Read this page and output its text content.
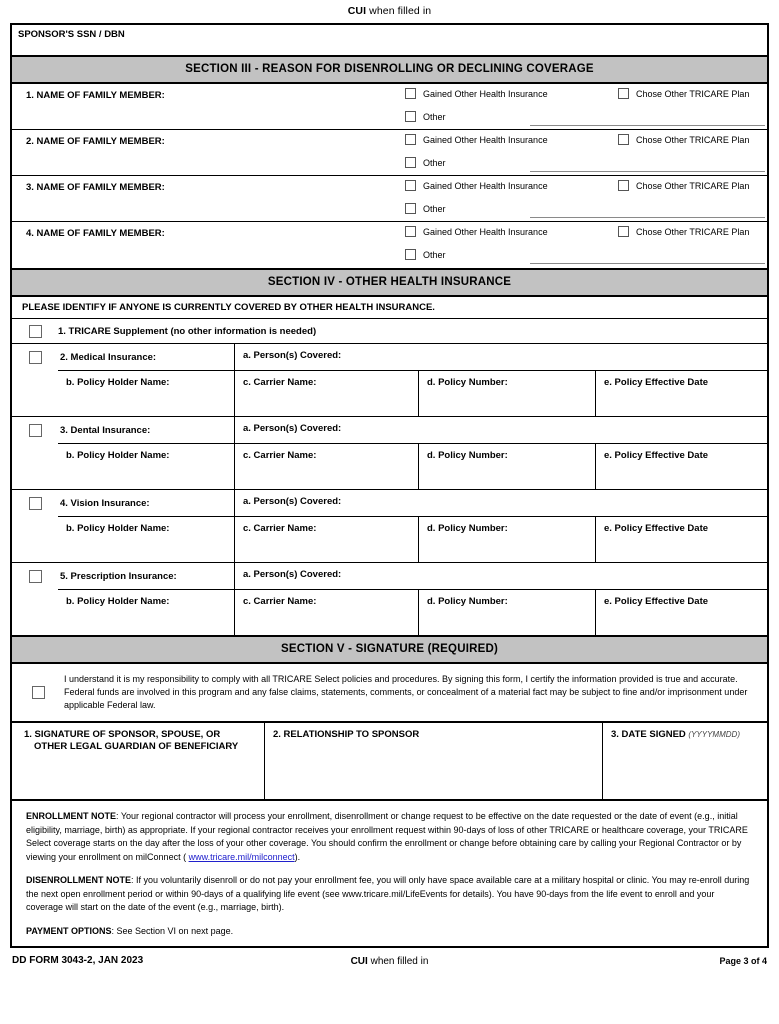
CUI when filled in
SPONSOR'S SSN / DBN
SECTION III - REASON FOR DISENROLLING OR DECLINING COVERAGE
1. NAME OF FAMILY MEMBER:	Gained Other Health Insurance	Chose Other TRICARE Plan
Other
2. NAME OF FAMILY MEMBER:	Gained Other Health Insurance	Chose Other TRICARE Plan
Other
3. NAME OF FAMILY MEMBER:	Gained Other Health Insurance	Chose Other TRICARE Plan
Other
4. NAME OF FAMILY MEMBER:	Gained Other Health Insurance	Chose Other TRICARE Plan
Other
SECTION IV - OTHER HEALTH INSURANCE
PLEASE IDENTIFY IF ANYONE IS CURRENTLY COVERED BY OTHER HEALTH INSURANCE.
1. TRICARE Supplement (no other information is needed)
2. Medical Insurance:	a. Person(s) Covered:
b. Policy Holder Name:	c. Carrier Name:	d. Policy Number:	e. Policy Effective Date
3. Dental Insurance:	a. Person(s) Covered:
b. Policy Holder Name:	c. Carrier Name:	d. Policy Number:	e. Policy Effective Date
4. Vision Insurance:	a. Person(s) Covered:
b. Policy Holder Name:	c. Carrier Name:	d. Policy Number:	e. Policy Effective Date
5. Prescription Insurance:	a. Person(s) Covered:
b. Policy Holder Name:	c. Carrier Name:	d. Policy Number:	e. Policy Effective Date
SECTION V - SIGNATURE (REQUIRED)
I understand it is my responsibility to comply with all TRICARE Select policies and procedures. By signing this form, I certify the information provided is true and accurate. Federal funds are involved in this program and any false claims, statements, comments, or concealment of a material fact may be subject to fine and/or imprisonment under applicable Federal law.
1. SIGNATURE OF SPONSOR, SPOUSE, OR
OTHER LEGAL GUARDIAN OF BENEFICIARY
2. RELATIONSHIP TO SPONSOR	3. DATE SIGNED (YYYYMMDD)

ENROLLMENT NOTE: Your regional contractor will process your enrollment, disenrollment or change request to be effective on the date requested or the date of event (e.g., initial eligibility, marriage, birth) as appropriate. If your regional contractor receives your enrollment request within 90-days of loss of other TRICARE or healthcare coverage, your TRICARE Select coverage starts on the day after the loss of your other coverage. You should confirm the enrollment or change before obtaining care by calling your Regional Contractor or by viewing your enrollment on milConnect ( www.tricare.mil/milconnect).

DISENROLLMENT NOTE: If you voluntarily disenroll or do not pay your enrollment fee, you will only have space available care at a military hospital or clinic. You may re-enroll during the next open enrollment period or within 90-days of a qualifying life event (see www.tricare.mil/LifeEvents for details). You have 90-days from the life event to enroll and your coverage will start on the date of the event (e.g., marriage, birth).

PAYMENT OPTIONS: See Section VI on next page.

DD FORM 3043-2, JAN 2023	CUI when filled in	Page 3 of 4
